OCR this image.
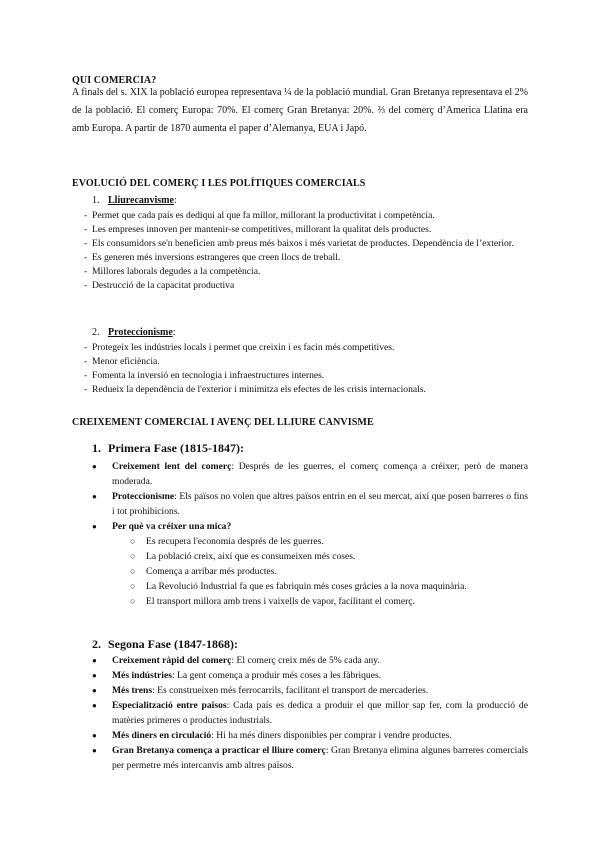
QUI COMERCIA?
A finals del s. XIX la població europea representava ¼ de la població mundial. Gran Bretanya representava el 2% de la població. El comerç Europa: 70%. El comerç Gran Bretanya: 20%. ⅔ del comerç d’America Llatina era amb Europa. A partir de 1870 aumenta el paper d’Alemanya, EUA i Japó.
EVOLUCIÓ DEL COMERÇ I LES POLÍTIQUES COMERCIALS
1. Lliurecanvisme:
- Permet que cada país es dediqui al que fa millor, millorant la productivitat i competència.
- Les empreses innoven per mantenir-se competitives, millorant la qualitat dels productes.
- Els consumidors se'n beneficien amb preus més baixos i més varietat de productes. Dependència de l’exterior.
- Es generen més inversions estrangeres que creen llocs de treball.
- Millores laborals degudes a la competència.
- Destrucció de la capacitat productiva
2. Proteccionisme:
- Protegeix les indústries locals i permet que creixin i es facin més competitives.
- Menor eficiència.
- Fomenta la inversió en tecnologia i infraestructures internes.
- Redueix la dependència de l'exterior i minimitza els efectes de les crisis internacionals.
CREIXEMENT COMERCIAL I AVENÇ DEL LLIURE CANVISME
1. Primera Fase (1815-1847):
● Creixement lent del comerç: Després de les guerres, el comerç comença a créixer, però de manera moderada.
● Proteccionisme: Els països no volen que altres països entrin en el seu mercat, així que posen barreres o fins i tot prohibicions.
● Per què va créixer una mica?
○ Es recupera l'economia després de les guerres.
○ La població creix, així que es consumeixen més coses.
○ Comença a arribar més productes.
○ La Revolució Industrial fa que es fabriquin més coses gràcies a la nova maquinària.
○ El transport millora amb trens i vaixells de vapor, facilitant el comerç.
2. Segona Fase (1847-1868):
● Creixement ràpid del comerç: El comerç creix més de 5% cada any.
● Més indústries: La gent comença a produir més coses a les fàbriques.
● Més trens: Es construeixen més ferrocarrils, facilitant el transport de mercaderies.
● Especialització entre països: Cada país es dedica a produir el que millor sap fer, com la producció de matèries primeres o productes industrials.
● Més diners en circulació: Hi ha més diners disponibles per comprar i vendre productes.
● Gran Bretanya comença a practicar el lliure comerç: Gran Bretanya elimina algunes barreres comercials per permetre més intercanvis amb altres països.
